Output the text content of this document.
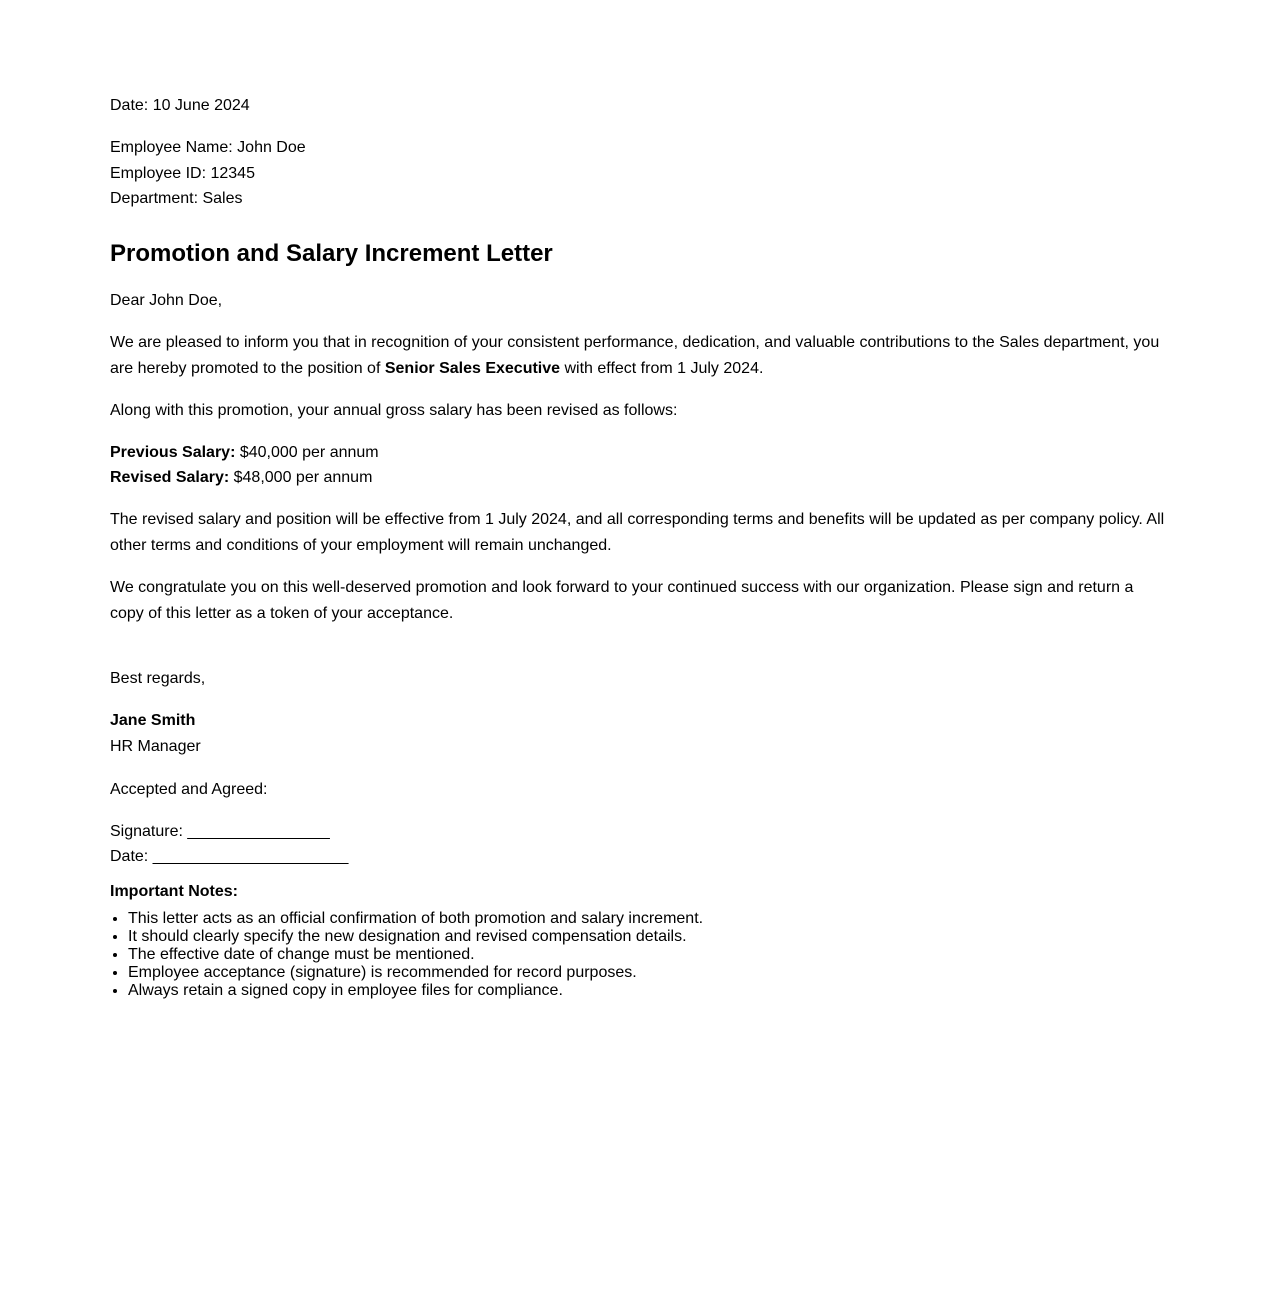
Date: 10 June 2024

Employee Name: John Doe
Employee ID: 12345
Department: Sales
Promotion and Salary Increment Letter

Dear John Doe,

We are pleased to inform you that in recognition of your consistent performance, dedication, and valuable contributions to the Sales department, you are hereby promoted to the position of Senior Sales Executive with effect from 1 July 2024.

Along with this promotion, your annual gross salary has been revised as follows:

Previous Salary: $40,000 per annum
Revised Salary: $48,000 per annum

The revised salary and position will be effective from 1 July 2024, and all corresponding terms and benefits will be updated as per company policy. All other terms and conditions of your employment will remain unchanged.

We congratulate you on this well-deserved promotion and look forward to your continued success with our organization. Please sign and return a copy of this letter as a token of your acceptance.

Best regards,

Jane Smith
HR Manager

Accepted and Agreed:

Signature: ________________
Date: ______________________
Important Notes:
• This letter acts as an official confirmation of both promotion and salary increment.
• It should clearly specify the new designation and revised compensation details.
• The effective date of change must be mentioned.
• Employee acceptance (signature) is recommended for record purposes.
• Always retain a signed copy in employee files for compliance.
